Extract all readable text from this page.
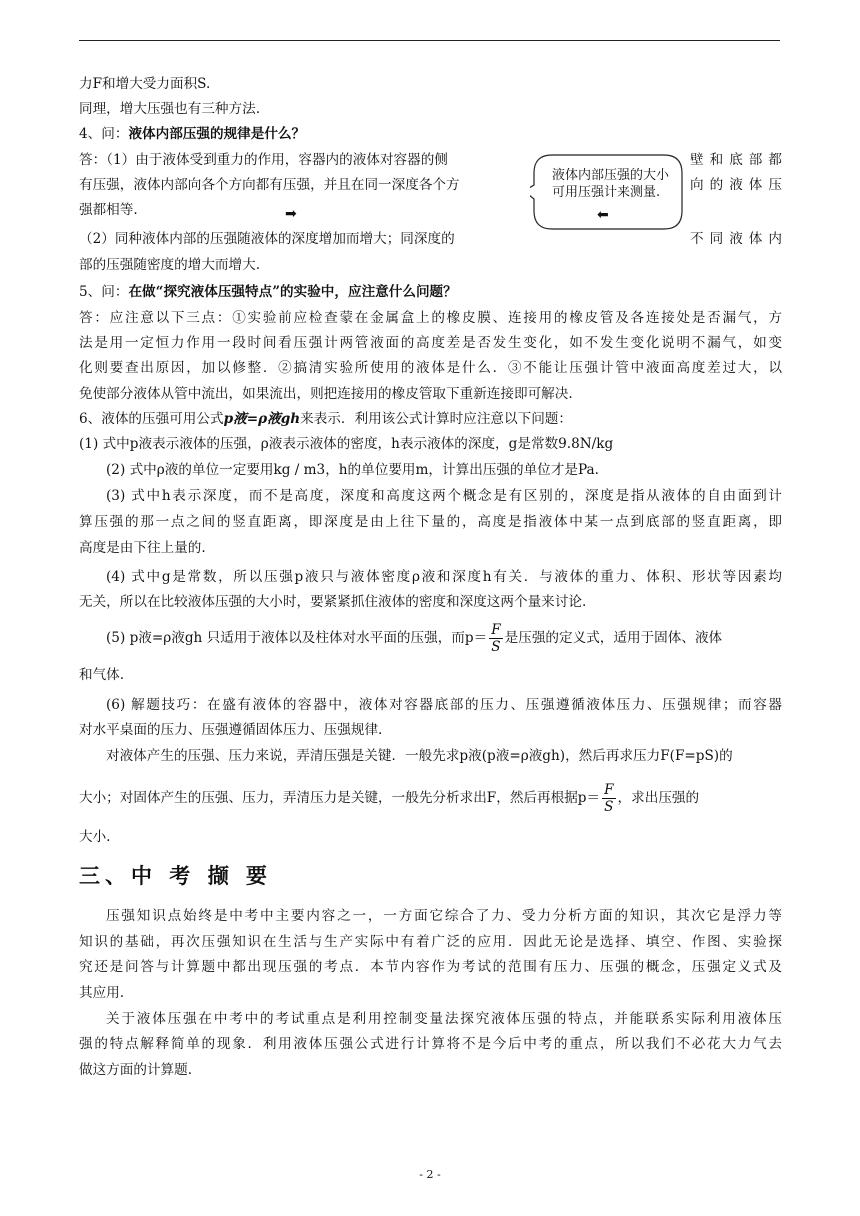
力F和增大受力面积S.
同理，增大压强也有三种方法.
4、问：液体内部压强的规律是什么？
答：（1）由于液体受到重力的作用，容器内的液体对容器的侧
有压强，液体内部向各个方向都有压强，并且在同一深度各个方
强都相等.
（2）同种液体内部的压强随液体的深度增加而增大；同深度的
部的压强随密度的增大而增大.
壁和底部都
向的液体压
不同液体内
液体内部压强的大小可用压强计来测量.
➡	⬅
5、问：在做“探究液体压强特点”的实验中，应注意什么问题？
答：应注意以下三点：①实验前应检查蒙在金属盒上的橡皮膜、连接用的橡皮管及各连接处是否漏气，方
法是用一定恒力作用一段时间看压强计两管液面的高度差是否发生变化，如不发生变化说明不漏气，如变
化则要查出原因，加以修整．②搞清实验所使用的液体是什么．③不能让压强计管中液面高度差过大，以
免使部分液体从管中流出，如果流出，则把连接用的橡皮管取下重新连接即可解决.
6、液体的压强可用公式p液=ρ液gh来表示．利用该公式计算时应注意以下问题：
(1) 式中p液表示液体的压强，ρ液表示液体的密度，h表示液体的深度，g是常数9.8N/kg
(2) 式中ρ液的单位一定要用kg / m3，h的单位要用m，计算出压强的单位才是Pa.
(3) 式中h表示深度，而不是高度，深度和高度这两个概念是有区别的，深度是指从液体的自由面到计
算压强的那一点之间的竖直距离，即深度是由上往下量的，高度是指液体中某一点到底部的竖直距离，即
高度是由下往上量的.
(4) 式中g是常数，所以压强p液只与液体密度ρ液和深度h有关．与液体的重力、体积、形状等因素均
无关，所以在比较液体压强的大小时，要紧紧抓住液体的密度和深度这两个量来讨论.
(5) p液=ρ液gh 只适用于液体以及柱体对水平面的压强，而$p= \frac{F}{S}$ 是压强的定义式，适用于固体、液体
和气体.
(6) 解题技巧：在盛有液体的容器中，液体对容器底部的压力、压强遵循液体压力、压强规律；而容器
对水平桌面的压力、压强遵循固体压力、压强规律.
对液体产生的压强、压力来说，弄清压强是关键．一般先求p液(p液=ρ液gh)，然后再求压力F(F=pS)的
大小；对固体产生的压强、压力，弄清压力是关键，一般先分析求出F，然后再根据$p= \frac{F}{S}$ ，求出压强的
大小.
三、中 考 撷 要
压强知识点始终是中考中主要内容之一，一方面它综合了力、受力分析方面的知识，其次它是浮力等
知识的基础，再次压强知识在生活与生产实际中有着广泛的应用．因此无论是选择、填空、作图、实验探
究还是问答与计算题中都出现压强的考点．本节内容作为考试的范围有压力、压强的概念，压强定义式及
其应用.
关于液体压强在中考中的考试重点是利用控制变量法探究液体压强的特点，并能联系实际利用液体压
强的特点解释简单的现象．利用液体压强公式进行计算将不是今后中考的重点，所以我们不必花大力气去
做这方面的计算题.
- 2 -
